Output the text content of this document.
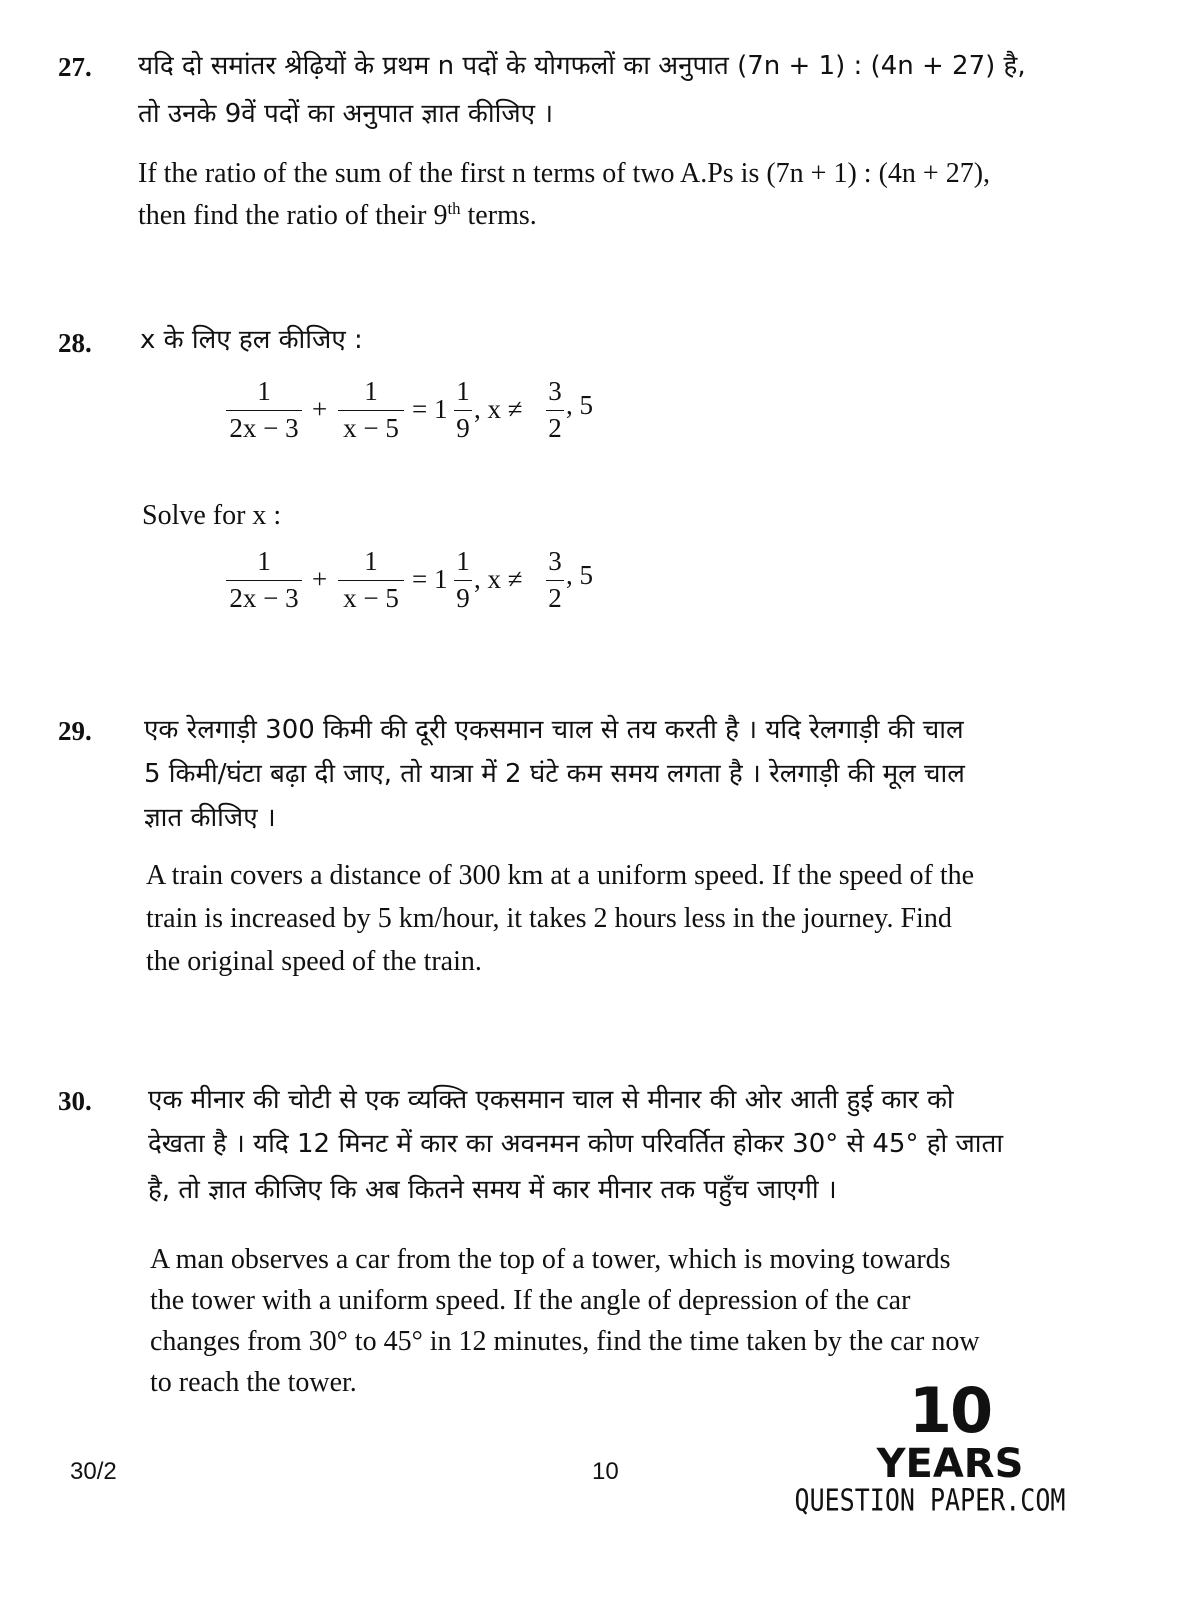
27. यदि दो समांतर श्रेढ़ियों के प्रथम n पदों के योगफलों का अनुपात (7n + 1) : (4n + 27) है,
तो उनके 9वें पदों का अनुपात ज्ञात कीजिए ।
If the ratio of the sum of the first n terms of two A.Ps is (7n + 1) : (4n + 27),
then find the ratio of their 9th terms.
28. x के लिए हल कीजिए :
1
2x − 3
+
1
x − 5
= 1
1
9
, x ≠
3
2
, 5
Solve for x :
1
2x − 3
+
1
x − 5
= 1
1
9
, x ≠
3
2
, 5
29. एक रेलगाड़ी 300 किमी की दूरी एकसमान चाल से तय करती है । यदि रेलगाड़ी की चाल
5 किमी/घंटा बढ़ा दी जाए, तो यात्रा में 2 घंटे कम समय लगता है । रेलगाड़ी की मूल चाल
ज्ञात कीजिए ।
A train covers a distance of 300 km at a uniform speed. If the speed of the
train is increased by 5 km/hour, it takes 2 hours less in the journey. Find
the original speed of the train.
30. एक मीनार की चोटी से एक व्यक्ति एकसमान चाल से मीनार की ओर आती हुई कार को
देखता है । यदि 12 मिनट में कार का अवनमन कोण परिवर्तित होकर 30° से 45° हो जाता
है, तो ज्ञात कीजिए कि अब कितने समय में कार मीनार तक पहुँच जाएगी ।
A man observes a car from the top of a tower, which is moving towards
the tower with a uniform speed. If the angle of depression of the car
changes from 30° to 45° in 12 minutes, find the time taken by the car now
to reach the tower.
30/2	10
10
YEARS
QUESTION PAPER.COM
